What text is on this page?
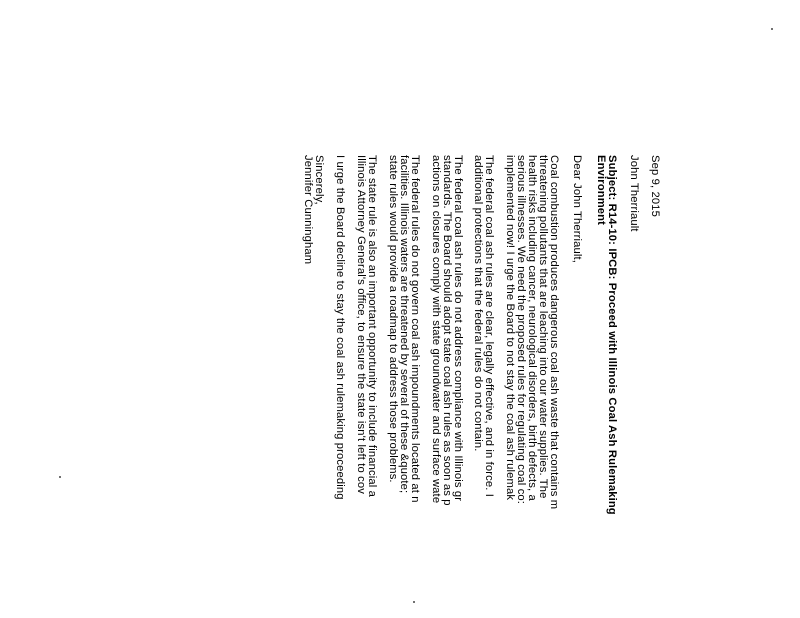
Sep 9, 2015
John Therriault
Subject: R14-10: IPCB: Proceed with Illinois Coal Ash Rulemaking
Environment
Dear John Therriault,
Coal combustion produces dangerous coal ash waste that contains m
threatening pollutants that are leaching into our water supplies. The
health risks including cancer, neurological disorders, birth defects, a
serious illnesses. We need the proposed rules for regulating coal co:
implemented now! I urge the Board to not stay the coal ash rulemak
The federal coal ash rules are clear, legally effective, and in force. I
additional protections that the federal rules do not contain.
The federal coal ash rules do not address compliance with Illinois gr
standards. The Board should adopt state coal ash rules as soon as p
actions on closures comply with state groundwater and surface wate
The federal rules do not govern coal ash impoundments located at n
facilities. Illinois waters are threatened by several of these &quote;
state rules would provide a roadmap to address those problems.
The state rule is also an important opportunity to include financial a
Illinois Attorney General's office, to ensure the state isn't left to cov
I urge the Board decline to stay the coal ash rulemaking proceeding
Sincerely,
Jennifer Cunningham
